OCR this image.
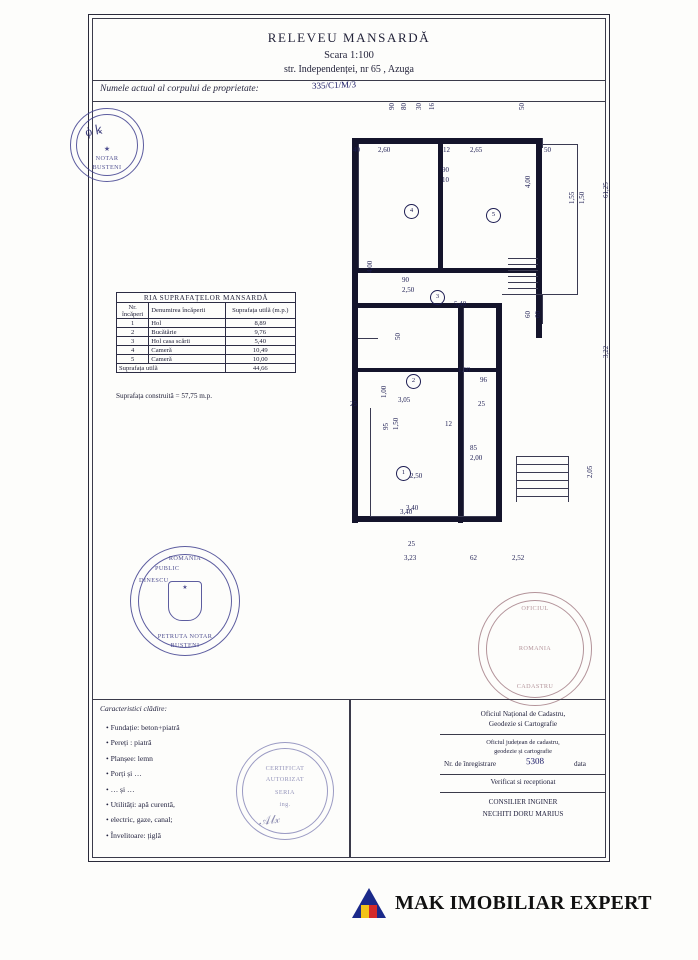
RELEVEU MANSARDĂ
Scara 1:100
str. Independenței, nr 65 , Azuga
Numele actual al corpului de proprietate:	335/C1/M/3
NOTAR
BUSTENI
★
ϕ ꝃ
RIA SUPRAFAȚELOR MANSARDĂ		
Nr. încăperi	Denumirea încăperii	Suprafața utilă (m.p.)
1	Hol	8,89
2	Bucătărie	9,76
3	Hol casa scării	5,40
4	Cameră	10,49
5	Cameră	10,00
Suprafața utilă		44,66
Suprafața construită = 57,75 m.p.
4
5
3
2
1
40	2,60	12	2,65	50
90 80 30 16	50
4,00
1,00
50
25
95 1,50
4,00
1,55 1,50 61,25
3,22
2,05
60 60
5,40
3,05
3,40
2,50
1,60
96
90
10
90
2,50
85
2,00
12
25
3,40
25
3,23	62	2,52
★
ROMANIA
PETRUTA NOTAR
BUSTENI
PUBLIC
DINESCU
OFICIUL
ROMANIA
CADASTRU
CERTIFICAT
AUTORIZAT
SERIA
ing.
𝒜𝓁𝓍
Caracteristici clădire:
• Fundație: beton+piatră
• Pereți : piatră
• Planșee: lemn
• Porți și …
• … și …
• Utilități: apă curentă,
• electric, gaze, canal;
• Învelitoare: țiglă
Oficiul Național de Cadastru,
Geodezie si Cartografie
Oficiul județean de cadastru,
geodezie și cartografie
Nr. de înregistrare	5308	data
Verificat si receptionat
CONSILIER INGINER
NECHITI DORU MARIUS
MAK IMOBILIAR EXPERT
